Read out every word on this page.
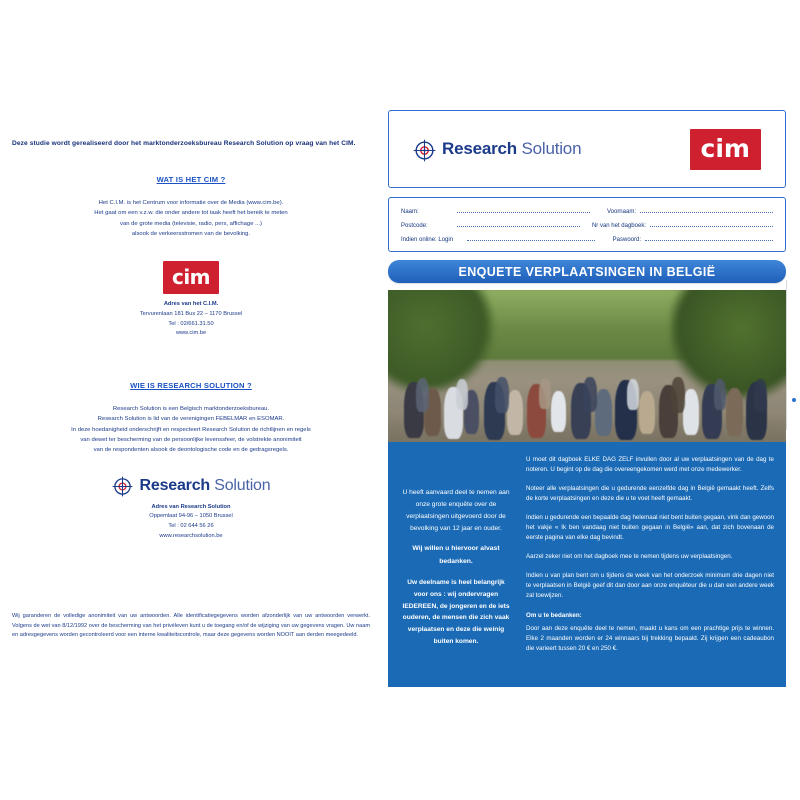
Deze studie wordt gerealiseerd door het marktonderzoeksbureau Research Solution op vraag van het CIM.
WAT IS HET CIM ?
Het C.I.M. is het Centrum voor informatie over de Media (www.cim.be).
Het gaat om een v.z.w. die onder andere tot taak heeft het bereik te meten
van de grote media (televisie, radio, pers, affichage ...)
alsook de verkeersstromen van de bevolking.
cim
Adres van het C.I.M.
Tervurenlaan 181 Bus 22 – 1170 Brussel
Tel : 02/661.31.50
www.cim.be
WIE IS RESEARCH SOLUTION ?
Research Solution is een Belgisch marktonderzoeksbureau.
Research Solution is lid van de verenigingen FEBELMAR en ESOMAR.
In deze hoedanigheid onderschrijft en respecteert Research Solution de richtlijnen en regels
van dewet ter bescherming van de persoonlijke levenssfeer, de volstrekte anonimiteit
van de respondenten alsook de deontologische code en de gedragsregels.
Research Solution
Adres van Research Solution
Oppemlaat 94-96 – 1050 Brussel
Tel : 02 644 56 26
www.researchsolution.be
Wij garanderen de volledige anonimiteit van uw antwoorden. Alle identificatiegegevens worden afzonderlijk van uw antwoorden verwerkt. Volgens de wet van 8/12/1992 over de bescherming van het privéleven kunt u de toegang en/of de wijziging van uw gegevens vragen. Uw naam en adresgegevens worden gecontroleerd voor een interne kwaliteitscontrole, maar deze gegevens worden NOOIT aan derden meegedeeld.
Research Solution	cim
Naam:	Voornaam:
Postcode:	Nr van het dagboek:
Indien online: Login	Paswoord:
ENQUETE VERPLAATSINGEN IN BELGIË
U heeft aanvaard deel te nemen aan onze grote enquête over de verplaatsingen uitgevoerd door de bevolking van 12 jaar en ouder.
Wij willen u hiervoor alvast bedanken.
Uw deelname is heel belangrijk voor ons : wij ondervragen IEDEREEN, de jongeren en de iets ouderen, de mensen die zich vaak verplaatsen en deze die weinig buiten komen.

U moet dit dagboek ELKE DAG ZELF invullen door al uw verplaatsingen van de dag te noteren. U begint op de dag die overeengekomen werd met onze medewerker.

Noteer alle verplaatsingen die u gedurende eenzelfde dag in België gemaakt heeft. Zelfs de korte verplaatsingen en deze die u te voet heeft gemaakt.

Indien u gedurende een bepaalde dag helemaal niet bent buiten gegaan, vink dan gewoon het vakje « Ik ben vandaag niet buiten gegaan in België» aan, dat zich bovenaan de eerste pagina van elke dag bevindt.

Aarzel zeker niet om het dagboek mee te nemen tijdens uw verplaatsingen.

Indien u van plan bent om u tijdens de week van het onderzoek minimum drie dagen niet te verplaatsen in België geef dit dan door aan onze enquêteur die u dan een andere week zal toewijzen.

Om u te bedanken:

Door aan deze enquête deel te nemen, maakt u kans om een prachtige prijs te winnen. Elke 2 maanden worden er 24 winnaars bij trekking bepaald. Zij krijgen een cadeaubon die varieert tussen 20 € en 250 €.
